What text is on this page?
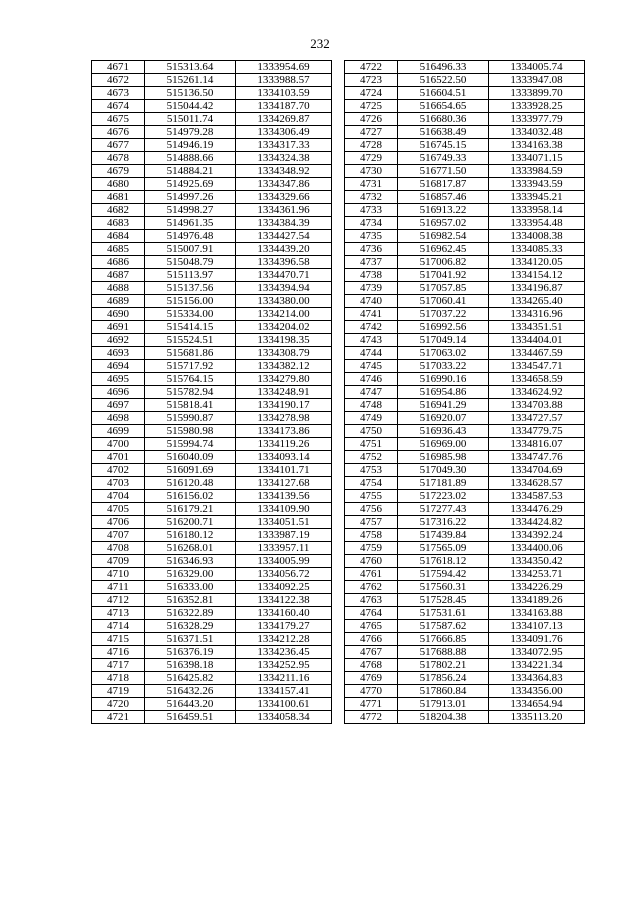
232
4671	515313.64	1333954.69
4672	515261.14	1333988.57
4673	515136.50	1334103.59
4674	515044.42	1334187.70
4675	515011.74	1334269.87
4676	514979.28	1334306.49
4677	514946.19	1334317.33
4678	514888.66	1334324.38
4679	514884.21	1334348.92
4680	514925.69	1334347.86
4681	514997.26	1334329.66
4682	514998.27	1334361.96
4683	514961.35	1334384.39
4684	514976.48	1334427.54
4685	515007.91	1334439.20
4686	515048.79	1334396.58
4687	515113.97	1334470.71
4688	515137.56	1334394.94
4689	515156.00	1334380.00
4690	515334.00	1334214.00
4691	515414.15	1334204.02
4692	515524.51	1334198.35
4693	515681.86	1334308.79
4694	515717.92	1334382.12
4695	515764.15	1334279.80
4696	515782.94	1334248.91
4697	515818.41	1334190.17
4698	515990.87	1334278.98
4699	515980.98	1334173.86
4700	515994.74	1334119.26
4701	516040.09	1334093.14
4702	516091.69	1334101.71
4703	516120.48	1334127.68
4704	516156.02	1334139.56
4705	516179.21	1334109.90
4706	516200.71	1334051.51
4707	516180.12	1333987.19
4708	516268.01	1333957.11
4709	516346.93	1334005.99
4710	516329.00	1334056.72
4711	516333.00	1334092.25
4712	516352.81	1334122.38
4713	516322.89	1334160.40
4714	516328.29	1334179.27
4715	516371.51	1334212.28
4716	516376.19	1334236.45
4717	516398.18	1334252.95
4718	516425.82	1334211.16
4719	516432.26	1334157.41
4720	516443.20	1334100.61
4721	516459.51	1334058.34
4722	516496.33	1334005.74
4723	516522.50	1333947.08
4724	516604.51	1333899.70
4725	516654.65	1333928.25
4726	516680.36	1333977.79
4727	516638.49	1334032.48
4728	516745.15	1334163.38
4729	516749.33	1334071.15
4730	516771.50	1333984.59
4731	516817.87	1333943.59
4732	516857.46	1333945.21
4733	516913.22	1333958.14
4734	516957.02	1333954.48
4735	516982.54	1334008.38
4736	516962.45	1334085.33
4737	517006.82	1334120.05
4738	517041.92	1334154.12
4739	517057.85	1334196.87
4740	517060.41	1334265.40
4741	517037.22	1334316.96
4742	516992.56	1334351.51
4743	517049.14	1334404.01
4744	517063.02	1334467.59
4745	517033.22	1334547.71
4746	516990.16	1334658.59
4747	516954.86	1334624.92
4748	516941.29	1334703.88
4749	516920.07	1334727.57
4750	516936.43	1334779.75
4751	516969.00	1334816.07
4752	516985.98	1334747.76
4753	517049.30	1334704.69
4754	517181.89	1334628.57
4755	517223.02	1334587.53
4756	517277.43	1334476.29
4757	517316.22	1334424.82
4758	517439.84	1334392.24
4759	517565.09	1334400.06
4760	517618.12	1334350.42
4761	517594.42	1334253.71
4762	517560.31	1334226.29
4763	517528.45	1334189.26
4764	517531.61	1334163.88
4765	517587.62	1334107.13
4766	517666.85	1334091.76
4767	517688.88	1334072.95
4768	517802.21	1334221.34
4769	517856.24	1334364.83
4770	517860.84	1334356.00
4771	517913.01	1334654.94
4772	518204.38	1335113.20
